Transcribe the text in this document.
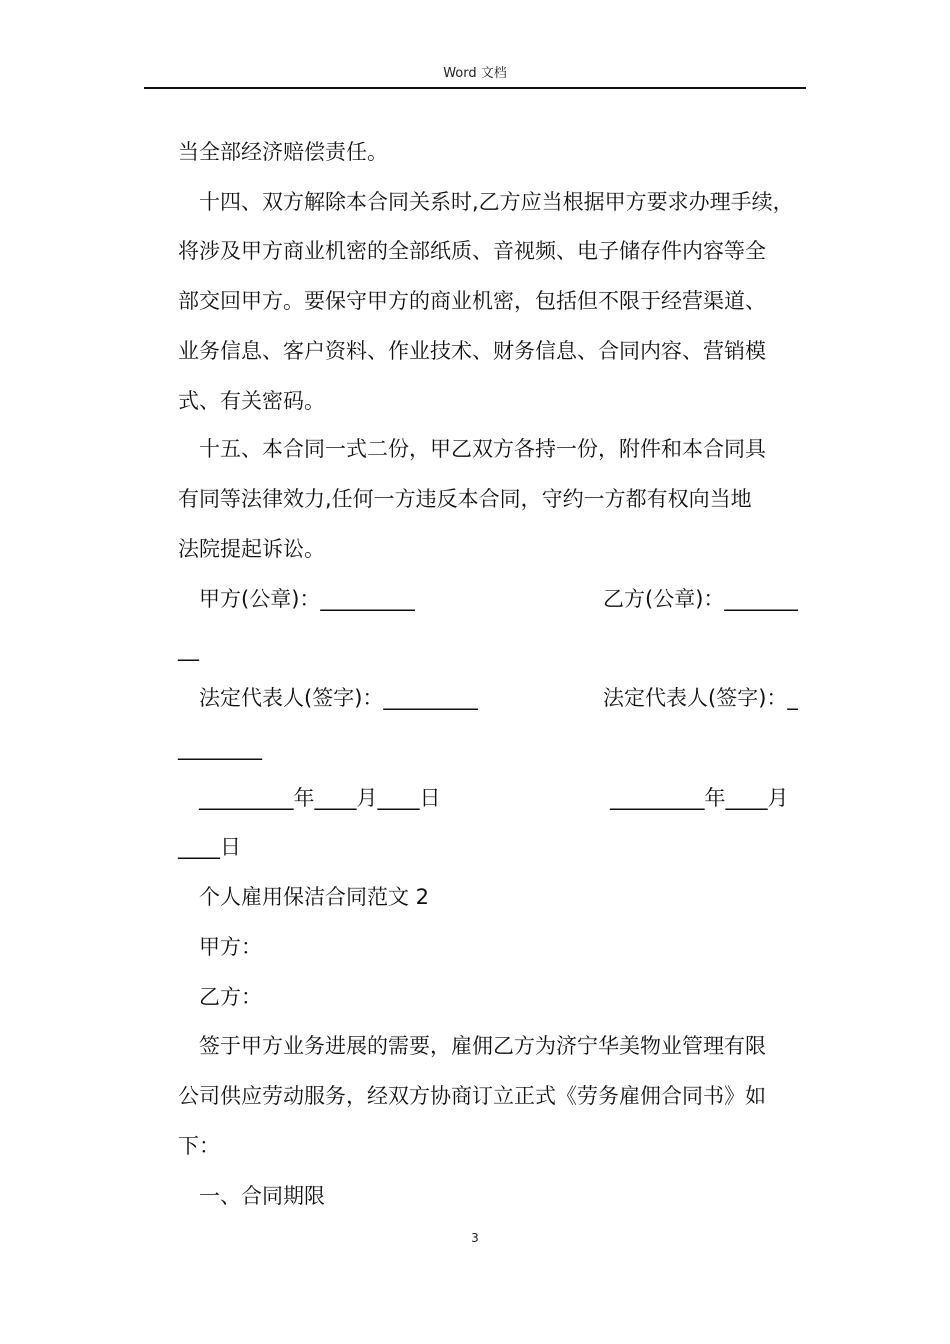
Word 文档
当全部经济赔偿责任。
　十四、双方解除本合同关系时,乙方应当根据甲方要求办理手续，
将涉及甲方商业机密的全部纸质、音视频、电子储存件内容等全
部交回甲方。要保守甲方的商业机密，包括但不限于经营渠道、
业务信息、客户资料、作业技术、财务信息、合同内容、营销模
式、有关密码。
　十五、本合同一式二份，甲乙双方各持一份，附件和本合同具
有同等法律效力,任何一方违反本合同，守约一方都有权向当地
法院提起诉讼。
　甲方(公章)：_________	乙方(公章)：_______
__
　法定代表人(签字)：_________	法定代表人(签字)：_
________
　_________年____月____日	_________年____月
____日
　个人雇用保洁合同范文 2
　甲方：
　乙方：
　签于甲方业务进展的需要，雇佣乙方为济宁华美物业管理有限
公司供应劳动服务，经双方协商订立正式《劳务雇佣合同书》如
下：
　一、合同期限
3
